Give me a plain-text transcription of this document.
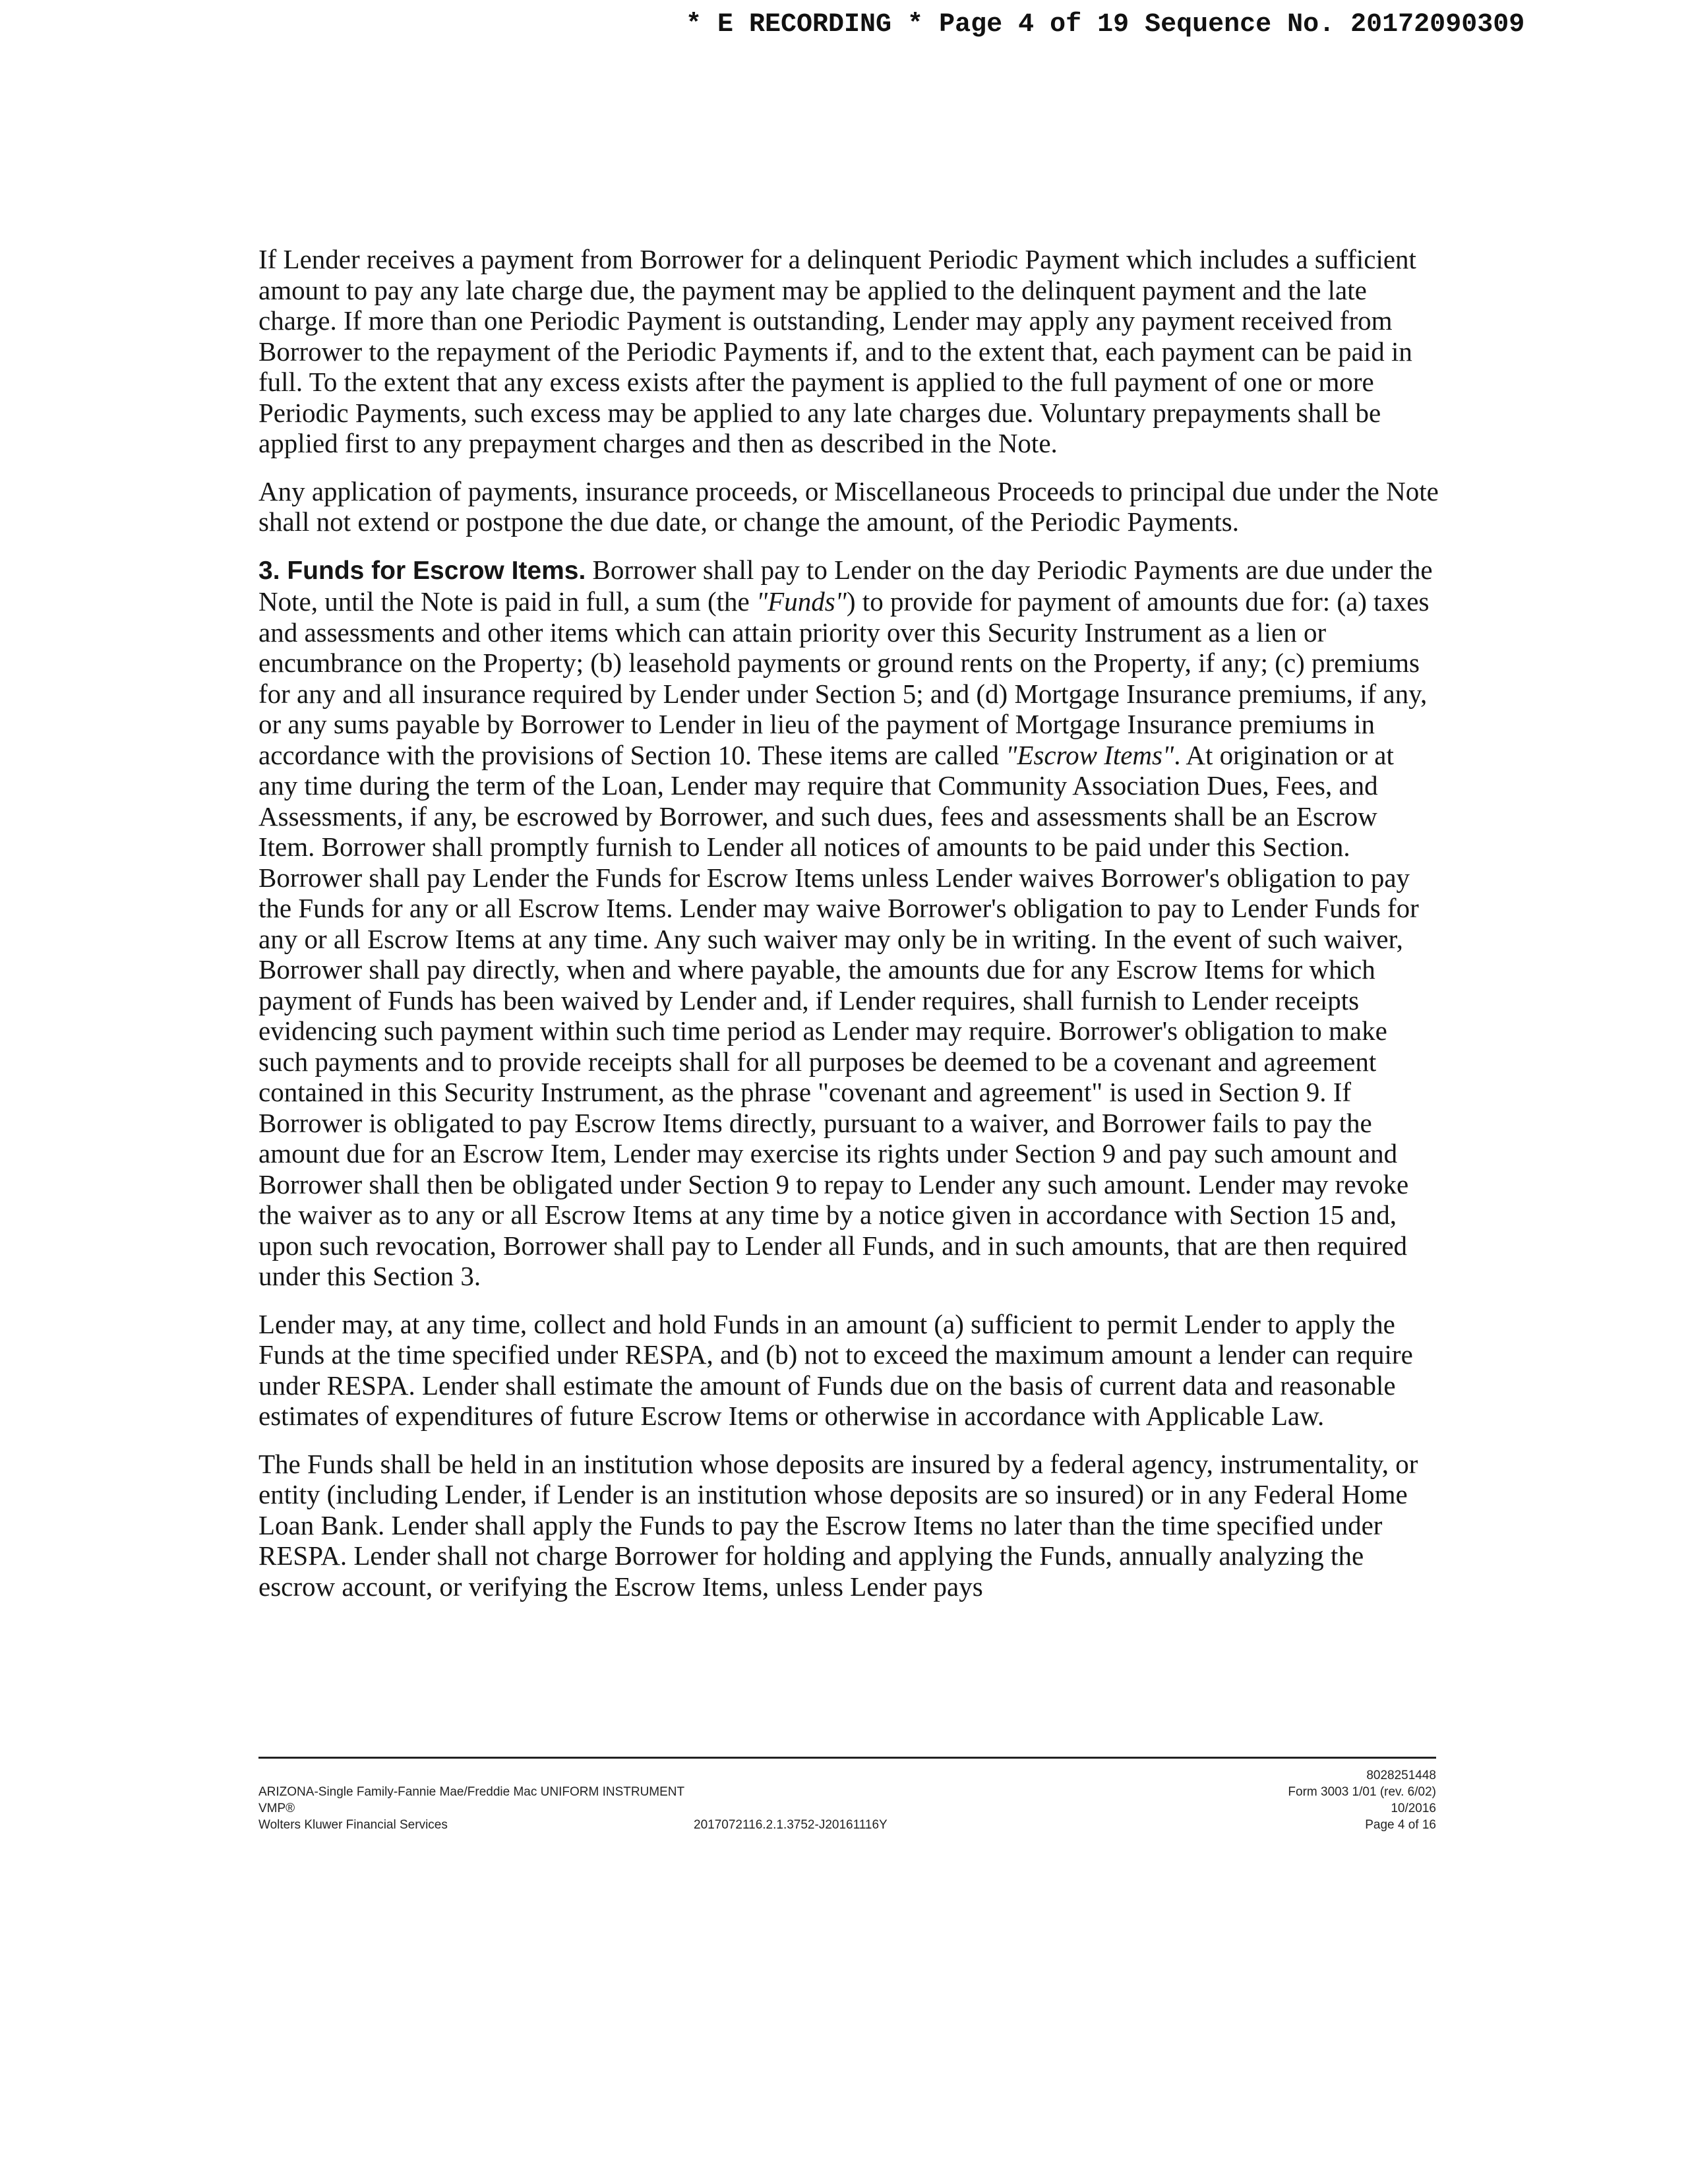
* E RECORDING * Page 4 of 19 Sequence No. 20172090309

If Lender receives a payment from Borrower for a delinquent Periodic Payment which includes a sufficient amount to pay any late charge due, the payment may be applied to the delinquent payment and the late charge. If more than one Periodic Payment is outstanding, Lender may apply any payment received from Borrower to the repayment of the Periodic Payments if, and to the extent that, each payment can be paid in full. To the extent that any excess exists after the payment is applied to the full payment of one or more Periodic Payments, such excess may be applied to any late charges due. Voluntary prepayments shall be applied first to any prepayment charges and then as described in the Note.

Any application of payments, insurance proceeds, or Miscellaneous Proceeds to principal due under the Note shall not extend or postpone the due date, or change the amount, of the Periodic Payments.

3. Funds for Escrow Items. Borrower shall pay to Lender on the day Periodic Payments are due under the Note, until the Note is paid in full, a sum (the "Funds") to provide for payment of amounts due for: (a) taxes and assessments and other items which can attain priority over this Security Instrument as a lien or encumbrance on the Property; (b) leasehold payments or ground rents on the Property, if any; (c) premiums for any and all insurance required by Lender under Section 5; and (d) Mortgage Insurance premiums, if any, or any sums payable by Borrower to Lender in lieu of the payment of Mortgage Insurance premiums in accordance with the provisions of Section 10. These items are called "Escrow Items". At origination or at any time during the term of the Loan, Lender may require that Community Association Dues, Fees, and Assessments, if any, be escrowed by Borrower, and such dues, fees and assessments shall be an Escrow Item. Borrower shall promptly furnish to Lender all notices of amounts to be paid under this Section. Borrower shall pay Lender the Funds for Escrow Items unless Lender waives Borrower's obligation to pay the Funds for any or all Escrow Items. Lender may waive Borrower's obligation to pay to Lender Funds for any or all Escrow Items at any time. Any such waiver may only be in writing. In the event of such waiver, Borrower shall pay directly, when and where payable, the amounts due for any Escrow Items for which payment of Funds has been waived by Lender and, if Lender requires, shall furnish to Lender receipts evidencing such payment within such time period as Lender may require. Borrower's obligation to make such payments and to provide receipts shall for all purposes be deemed to be a covenant and agreement contained in this Security Instrument, as the phrase "covenant and agreement" is used in Section 9. If Borrower is obligated to pay Escrow Items directly, pursuant to a waiver, and Borrower fails to pay the amount due for an Escrow Item, Lender may exercise its rights under Section 9 and pay such amount and Borrower shall then be obligated under Section 9 to repay to Lender any such amount. Lender may revoke the waiver as to any or all Escrow Items at any time by a notice given in accordance with Section 15 and, upon such revocation, Borrower shall pay to Lender all Funds, and in such amounts, that are then required under this Section 3.

Lender may, at any time, collect and hold Funds in an amount (a) sufficient to permit Lender to apply the Funds at the time specified under RESPA, and (b) not to exceed the maximum amount a lender can require under RESPA. Lender shall estimate the amount of Funds due on the basis of current data and reasonable estimates of expenditures of future Escrow Items or otherwise in accordance with Applicable Law.

The Funds shall be held in an institution whose deposits are insured by a federal agency, instrumentality, or entity (including Lender, if Lender is an institution whose deposits are so insured) or in any Federal Home Loan Bank. Lender shall apply the Funds to pay the Escrow Items no later than the time specified under RESPA. Lender shall not charge Borrower for holding and applying the Funds, annually analyzing the escrow account, or verifying the Escrow Items, unless Lender pays

ARIZONA-Single Family-Fannie Mae/Freddie Mac UNIFORM INSTRUMENT
VMP®
Wolters Kluwer Financial Services	2017072116.2.1.3752-J20161116Y
8028251448
Form 3003 1/01 (rev. 6/02)
10/2016
Page 4 of 16
